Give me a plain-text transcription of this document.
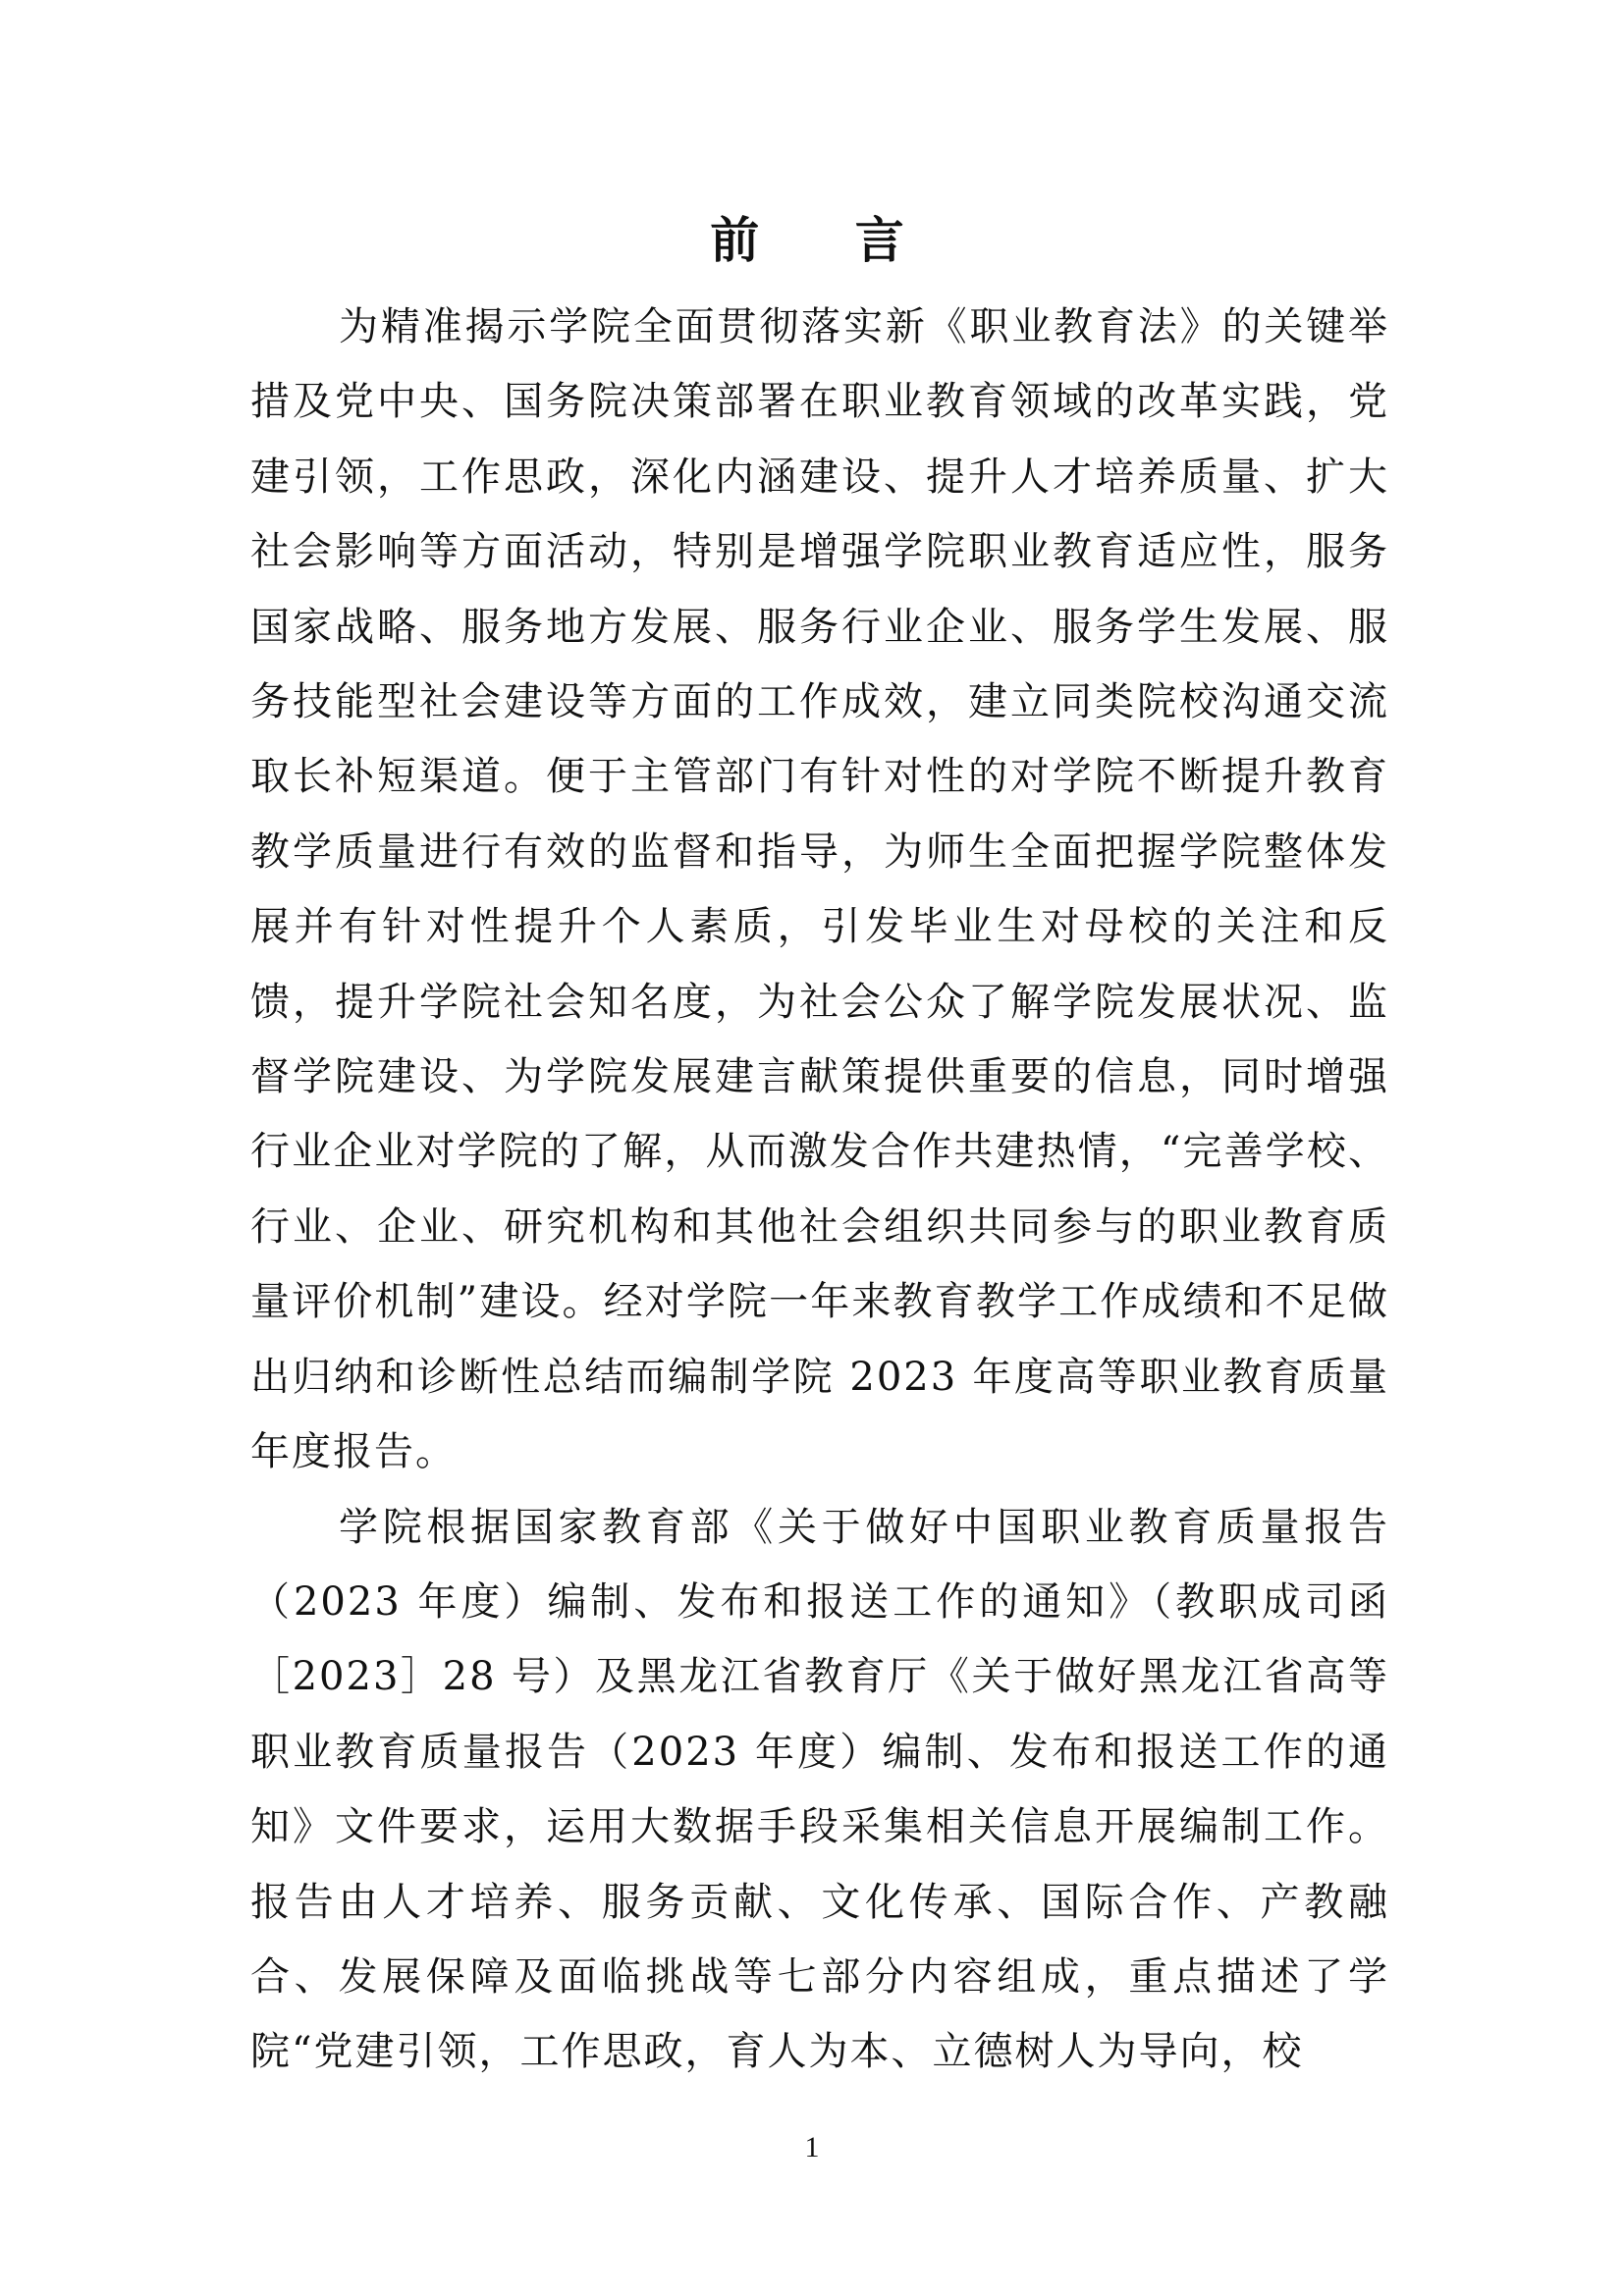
前 言

为精准揭示学院全面贯彻落实新《职业教育法》的关键举措及党中央、国务院决策部署在职业教育领域的改革实践，党建引领，工作思政，深化内涵建设、提升人才培养质量、扩大社会影响等方面活动，特别是增强学院职业教育适应性，服务国家战略、服务地方发展、服务行业企业、服务学生发展、服务技能型社会建设等方面的工作成效，建立同类院校沟通交流取长补短渠道。便于主管部门有针对性的对学院不断提升教育教学质量进行有效的监督和指导，为师生全面把握学院整体发展并有针对性提升个人素质，引发毕业生对母校的关注和反馈，提升学院社会知名度，为社会公众了解学院发展状况、监督学院建设、为学院发展建言献策提供重要的信息，同时增强行业企业对学院的了解，从而激发合作共建热情，“完善学校、行业、企业、研究机构和其他社会组织共同参与的职业教育质量评价机制”建设。经对学院一年来教育教学工作成绩和不足做出归纳和诊断性总结而编制学院 2023 年度高等职业教育质量年度报告。

学院根据国家教育部《关于做好中国职业教育质量报告（2023 年度）编制、发布和报送工作的通知》（教职成司函［2023］28 号）及黑龙江省教育厅《关于做好黑龙江省高等职业教育质量报告（2023 年度）编制、发布和报送工作的通知》文件要求，运用大数据手段采集相关信息开展编制工作。报告由人才培养、服务贡献、文化传承、国际合作、产教融合、发展保障及面临挑战等七部分内容组成，重点描述了学院“党建引领，工作思政，育人为本、立德树人为导向，校

1
